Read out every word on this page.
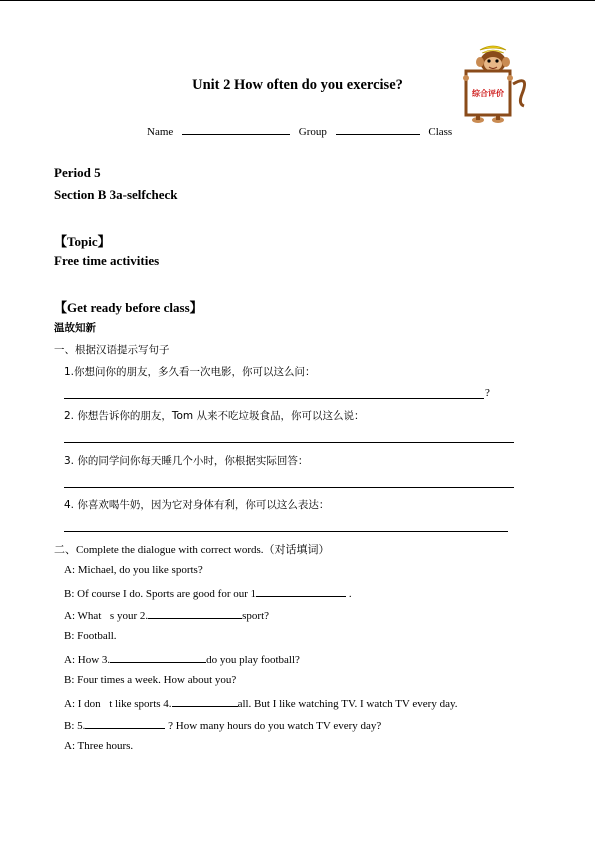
综合评价
Unit 2 How often do you exercise?
Name	Group	Class
Period 5
Section B 3a-selfcheck
【Topic】
Free time activities
【Get ready before class】
温故知新
一、根据汉语提示写句子
1.你想问你的朋友，多久看一次电影，你可以这么问：
?
2. 你想告诉你的朋友，Tom 从来不吃垃圾食品，你可以这么说：
3. 你的同学问你每天睡几个小时，你根据实际回答：
4. 你喜欢喝牛奶，因为它对身体有利，你可以这么表达：
二、Complete the dialogue with correct words.（对话填词）
A: Michael, do you like sports?
B: Of course I do. Sports are good for our 1	.
A: What s your 2.	sport?
B: Football.
A: How 3.	do you play football?
B: Four times a week. How about you?
A: I don t like sports 4.	all. But I like watching TV. I watch TV every day.
B: 5.	? How many hours do you watch TV every day?
A: Three hours.
